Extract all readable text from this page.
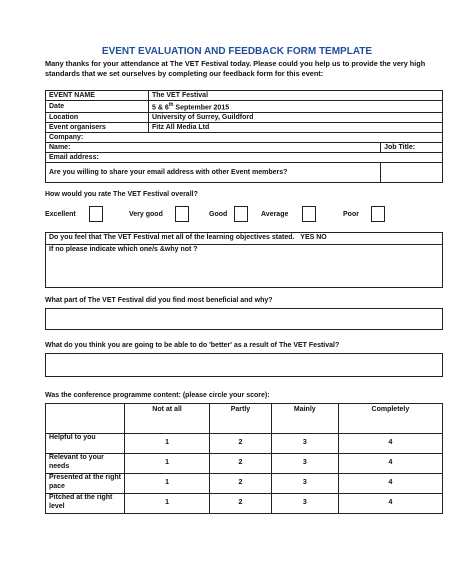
EVENT EVALUATION AND FEEDBACK FORM TEMPLATE
Many thanks for your attendance at The VET Festival today. Please could you help us to provide the very high standards that we set ourselves by completing our feedback form for this event:
EVENT NAME	The VET Festival	
Date	5 & 6th September 2015	
Location	University of Surrey, Guildford	
Event organisers	Fitz All Media Ltd	
Company:		
Name:		Job Title:
Email address:		
Are you willing to share your email address with other Event members?		
How would you rate The VET Festival overall?
Excellent	Very good	Good	Average	Poor
Do you feel that The VET Festival met all of the learning objectives stated. YES NO
If no please indicate which one/s &why not ?
What part of The VET Festival did you find most beneficial and why?
What do you think you are going to be able to do 'better' as a result of The VET Festival?
Was the conference programme content: (please circle your score):
	Not at all	Partly	Mainly	Completely
Helpful to you	1	2	3	4
Relevant to your needs	1	2	3	4
Presented at the right pace	1	2	3	4
Pitched at the right level	1	2	3	4
